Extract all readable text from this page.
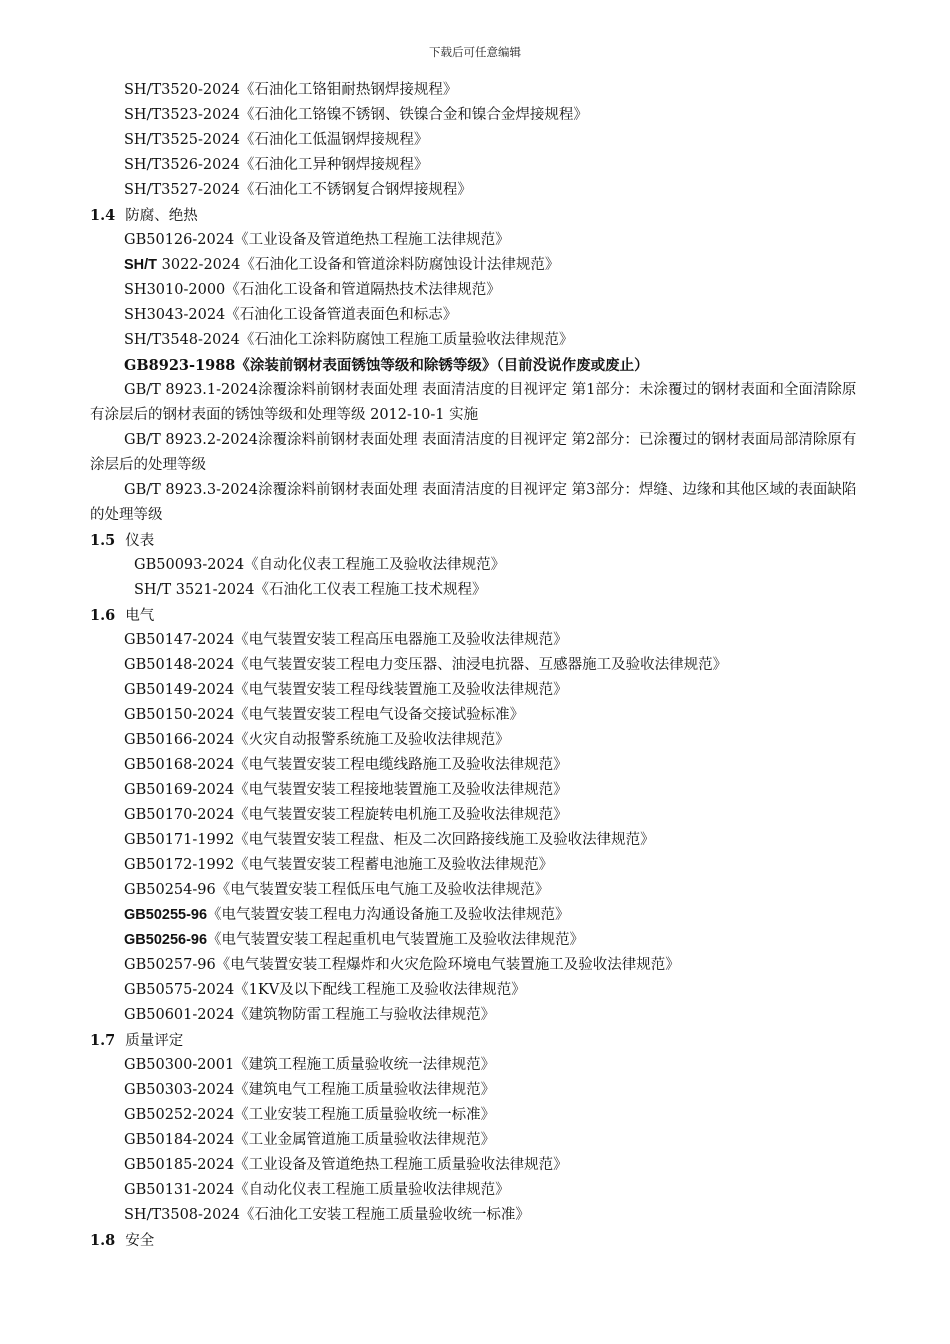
下载后可任意编辑
SH/T3520-2024《石油化工铬钼耐热钢焊接规程》
SH/T3523-2024《石油化工铬镍不锈钢、铁镍合金和镍合金焊接规程》
SH/T3525-2024《石油化工低温钢焊接规程》
SH/T3526-2024《石油化工异种钢焊接规程》
SH/T3527-2024《石油化工不锈钢复合钢焊接规程》
1.4 防腐、绝热
GB50126-2024《工业设备及管道绝热工程施工法律规范》
SH/T 3022-2024《石油化工设备和管道涂料防腐蚀设计法律规范》
SH3010-2000《石油化工设备和管道隔热技术法律规范》
SH3043-2024《石油化工设备管道表面色和标志》
SH/T3548-2024《石油化工涂料防腐蚀工程施工质量验收法律规范》
GB8923-1988《涂装前钢材表面锈蚀等级和除锈等级》（目前没说作废或废止）
GB/T 8923.1-2024涂覆涂料前钢材表面处理 表面清洁度的目视评定 第1部分：未涂覆过的钢材表面和全面清除原有涂层后的钢材表面的锈蚀等级和处理等级 2012-10-1 实施
GB/T 8923.2-2024涂覆涂料前钢材表面处理 表面清洁度的目视评定 第2部分：已涂覆过的钢材表面局部清除原有涂层后的处理等级
GB/T 8923.3-2024涂覆涂料前钢材表面处理 表面清洁度的目视评定 第3部分：焊缝、边缘和其他区域的表面缺陷的处理等级
1.5 仪表
GB50093-2024《自动化仪表工程施工及验收法律规范》
SH/T 3521-2024《石油化工仪表工程施工技术规程》
1.6 电气
GB50147-2024《电气装置安装工程高压电器施工及验收法律规范》
GB50148-2024《电气装置安装工程电力变压器、油浸电抗器、互感器施工及验收法律规范》
GB50149-2024《电气装置安装工程母线装置施工及验收法律规范》
GB50150-2024《电气装置安装工程电气设备交接试验标准》
GB50166-2024《火灾自动报警系统施工及验收法律规范》
GB50168-2024《电气装置安装工程电缆线路施工及验收法律规范》
GB50169-2024《电气装置安装工程接地装置施工及验收法律规范》
GB50170-2024《电气装置安装工程旋转电机施工及验收法律规范》
GB50171-1992《电气装置安装工程盘、柜及二次回路接线施工及验收法律规范》
GB50172-1992《电气装置安装工程蓄电池施工及验收法律规范》
GB50254-96《电气装置安装工程低压电气施工及验收法律规范》
GB50255-96《电气装置安装工程电力沟通设备施工及验收法律规范》
GB50256-96《电气装置安装工程起重机电气装置施工及验收法律规范》
GB50257-96《电气装置安装工程爆炸和火灾危险环境电气装置施工及验收法律规范》
GB50575-2024《1KV及以下配线工程施工及验收法律规范》
GB50601-2024《建筑物防雷工程施工与验收法律规范》
1.7 质量评定
GB50300-2001《建筑工程施工质量验收统一法律规范》
GB50303-2024《建筑电气工程施工质量验收法律规范》
GB50252-2024《工业安装工程施工质量验收统一标准》
GB50184-2024《工业金属管道施工质量验收法律规范》
GB50185-2024《工业设备及管道绝热工程施工质量验收法律规范》
GB50131-2024《自动化仪表工程施工质量验收法律规范》
SH/T3508-2024《石油化工安装工程施工质量验收统一标准》
1.8 安全
